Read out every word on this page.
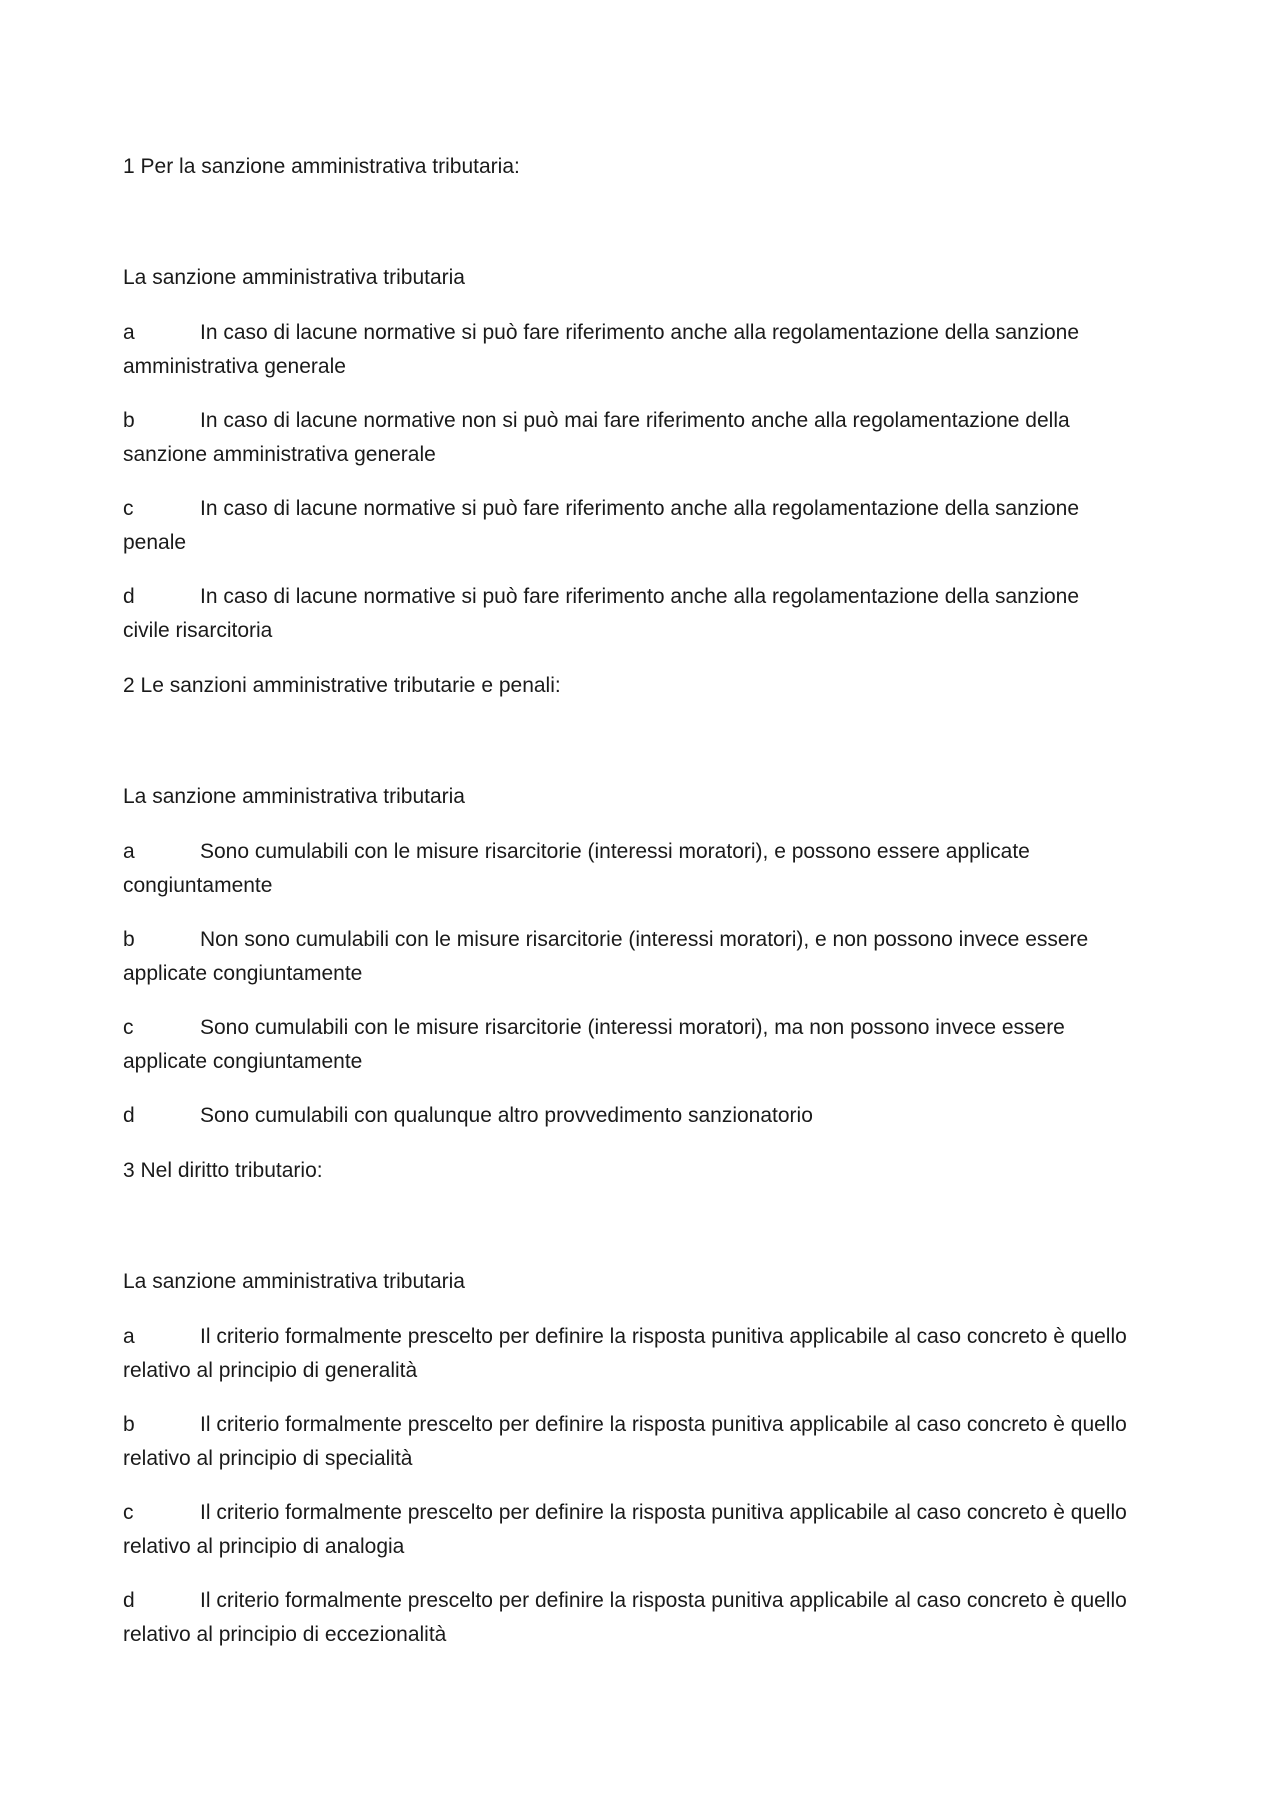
1 Per la sanzione amministrativa tributaria:

La sanzione amministrativa tributaria

a	In caso di lacune normative si può fare riferimento anche alla regolamentazione della sanzione amministrativa generale

b	In caso di lacune normative non si può mai fare riferimento anche alla regolamentazione della sanzione amministrativa generale

c	In caso di lacune normative si può fare riferimento anche alla regolamentazione della sanzione penale

d	In caso di lacune normative si può fare riferimento anche alla regolamentazione della sanzione civile risarcitoria

2 Le sanzioni amministrative tributarie e penali:

La sanzione amministrativa tributaria

a	Sono cumulabili con le misure risarcitorie (interessi moratori), e possono essere applicate congiuntamente

b	Non sono cumulabili con le misure risarcitorie (interessi moratori), e non possono invece essere applicate congiuntamente

c	Sono cumulabili con le misure risarcitorie (interessi moratori), ma non possono invece essere applicate congiuntamente

d	Sono cumulabili con qualunque altro provvedimento sanzionatorio

3 Nel diritto tributario:

La sanzione amministrativa tributaria

a	Il criterio formalmente prescelto per definire la risposta punitiva applicabile al caso concreto è quello relativo al principio di generalità

b	Il criterio formalmente prescelto per definire la risposta punitiva applicabile al caso concreto è quello relativo al principio di specialità

c	Il criterio formalmente prescelto per definire la risposta punitiva applicabile al caso concreto è quello relativo al principio di analogia

d	Il criterio formalmente prescelto per definire la risposta punitiva applicabile al caso concreto è quello relativo al principio di eccezionalità
